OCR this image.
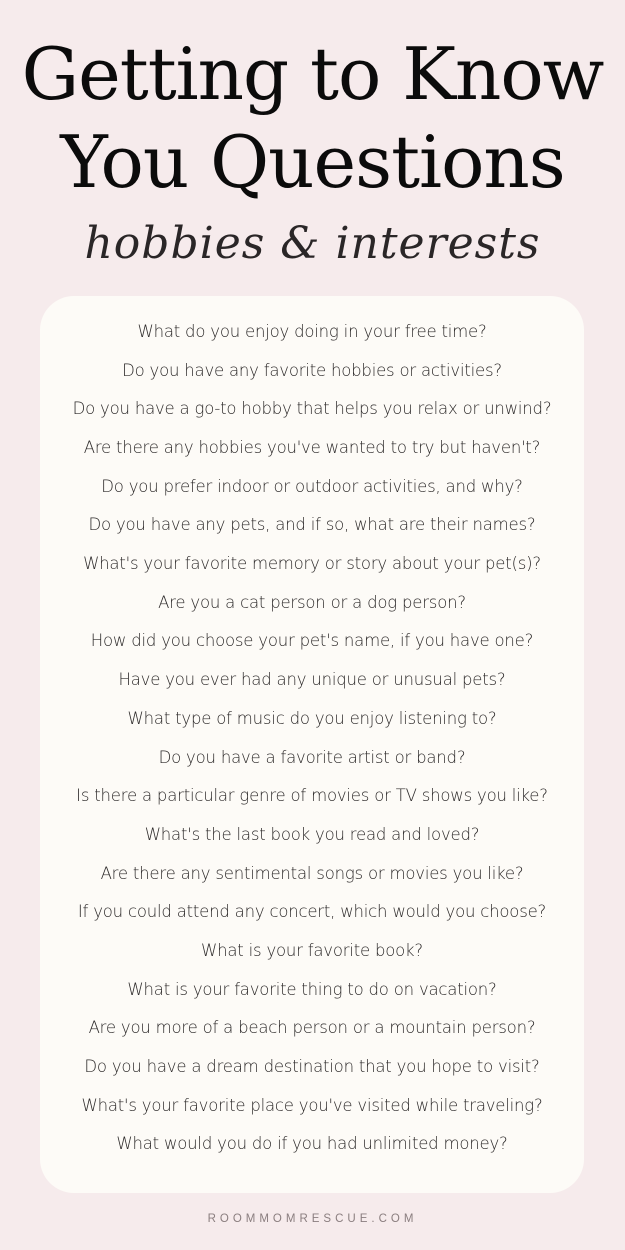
Getting to Know
You Questions
hobbies & interests
What do you enjoy doing in your free time?
Do you have any favorite hobbies or activities?
Do you have a go-to hobby that helps you relax or unwind?
Are there any hobbies you've wanted to try but haven't?
Do you prefer indoor or outdoor activities, and why?
Do you have any pets, and if so, what are their names?
What's your favorite memory or story about your pet(s)?
Are you a cat person or a dog person?
How did you choose your pet's name, if you have one?
Have you ever had any unique or unusual pets?
What type of music do you enjoy listening to?
Do you have a favorite artist or band?
Is there a particular genre of movies or TV shows you like?
What's the last book you read and loved?
Are there any sentimental songs or movies you like?
If you could attend any concert, which would you choose?
What is your favorite book?
What is your favorite thing to do on vacation?
Are you more of a beach person or a mountain person?
Do you have a dream destination that you hope to visit?
What's your favorite place you've visited while traveling?
What would you do if you had unlimited money?
ROOMMOMRESCUE.COM
